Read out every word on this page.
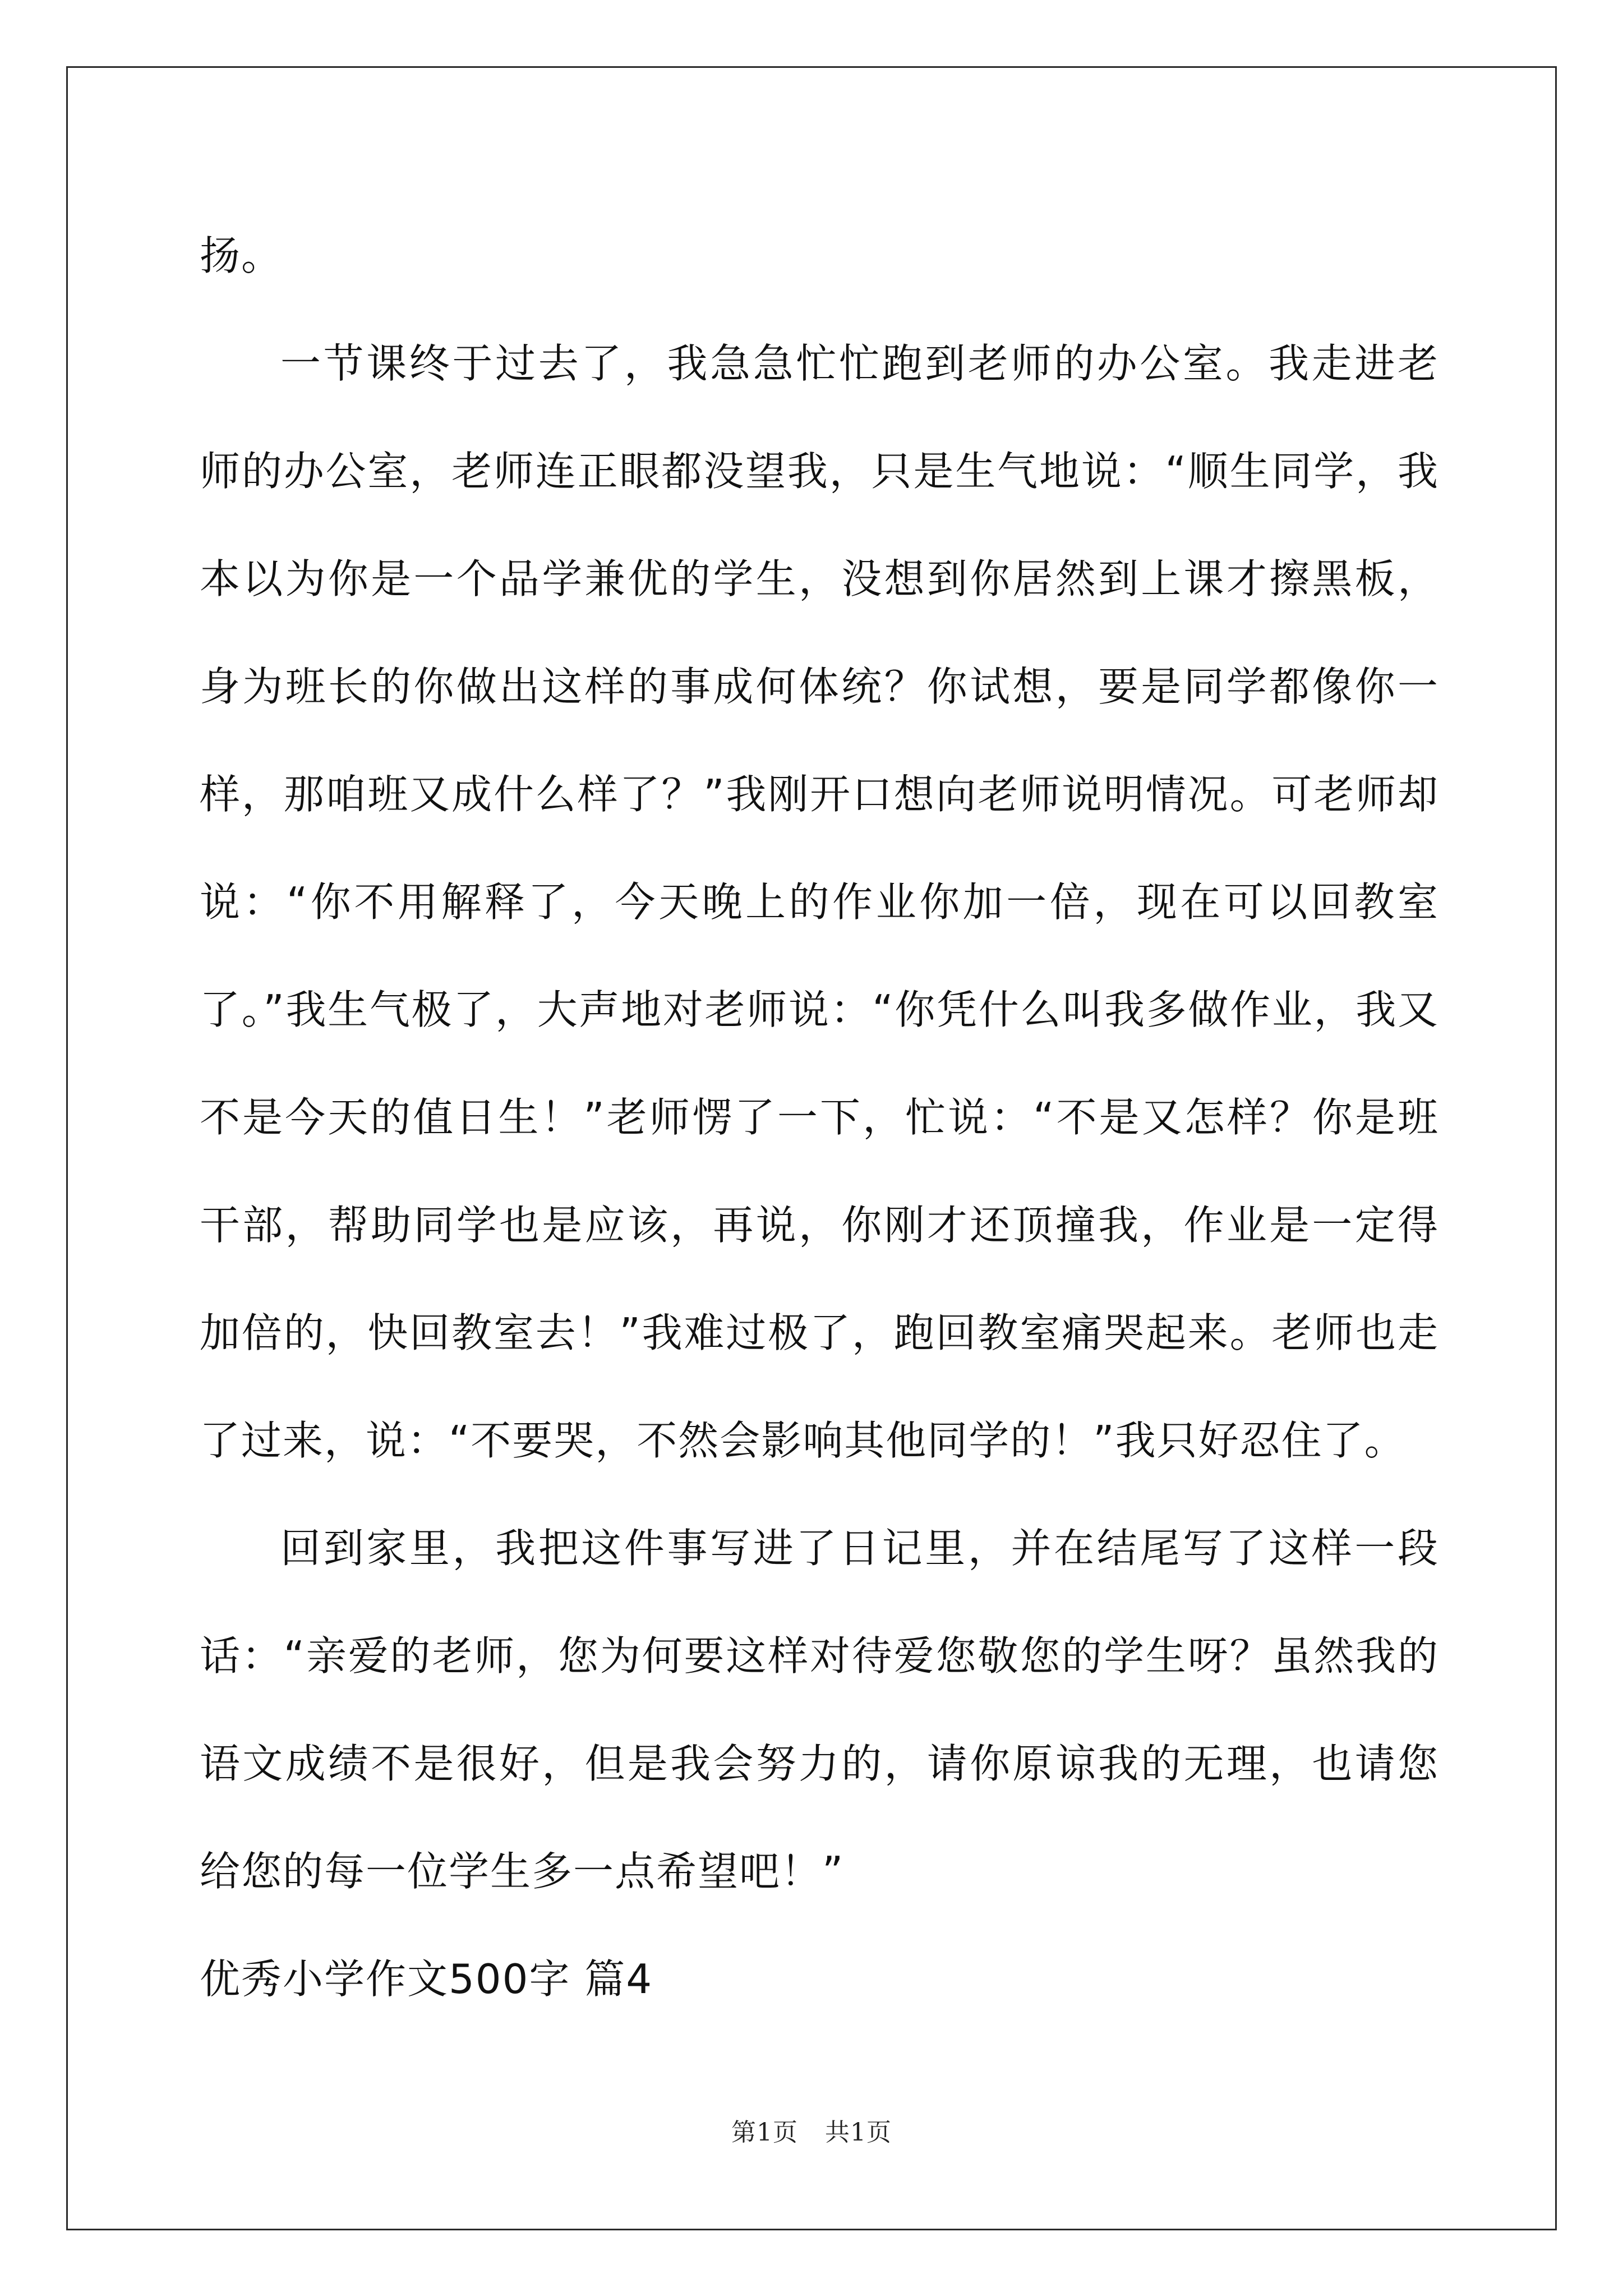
扬。

一节课终于过去了，我急急忙忙跑到老师的办公室。我走进老师的办公室，老师连正眼都没望我，只是生气地说：“顺生同学，我本以为你是一个品学兼优的学生，没想到你居然到上课才擦黑板，身为班长的你做出这样的事成何体统？你试想，要是同学都像你一样，那咱班又成什么样了？”我刚开口想向老师说明情况。可老师却说：“你不用解释了，今天晚上的作业你加一倍，现在可以回教室了。”我生气极了，大声地对老师说：“你凭什么叫我多做作业，我又不是今天的值日生！”老师愣了一下，忙说：“不是又怎样？你是班干部，帮助同学也是应该，再说，你刚才还顶撞我，作业是一定得加倍的，快回教室去！”我难过极了，跑回教室痛哭起来。老师也走了过来，说：“不要哭，不然会影响其他同学的！”我只好忍住了。

回到家里，我把这件事写进了日记里，并在结尾写了这样一段话：“亲爱的老师，您为何要这样对待爱您敬您的学生呀？虽然我的语文成绩不是很好，但是我会努力的，请你原谅我的无理，也请您给您的每一位学生多一点希望吧！”

优秀小学作文500字 篇4

第1页 共1页
